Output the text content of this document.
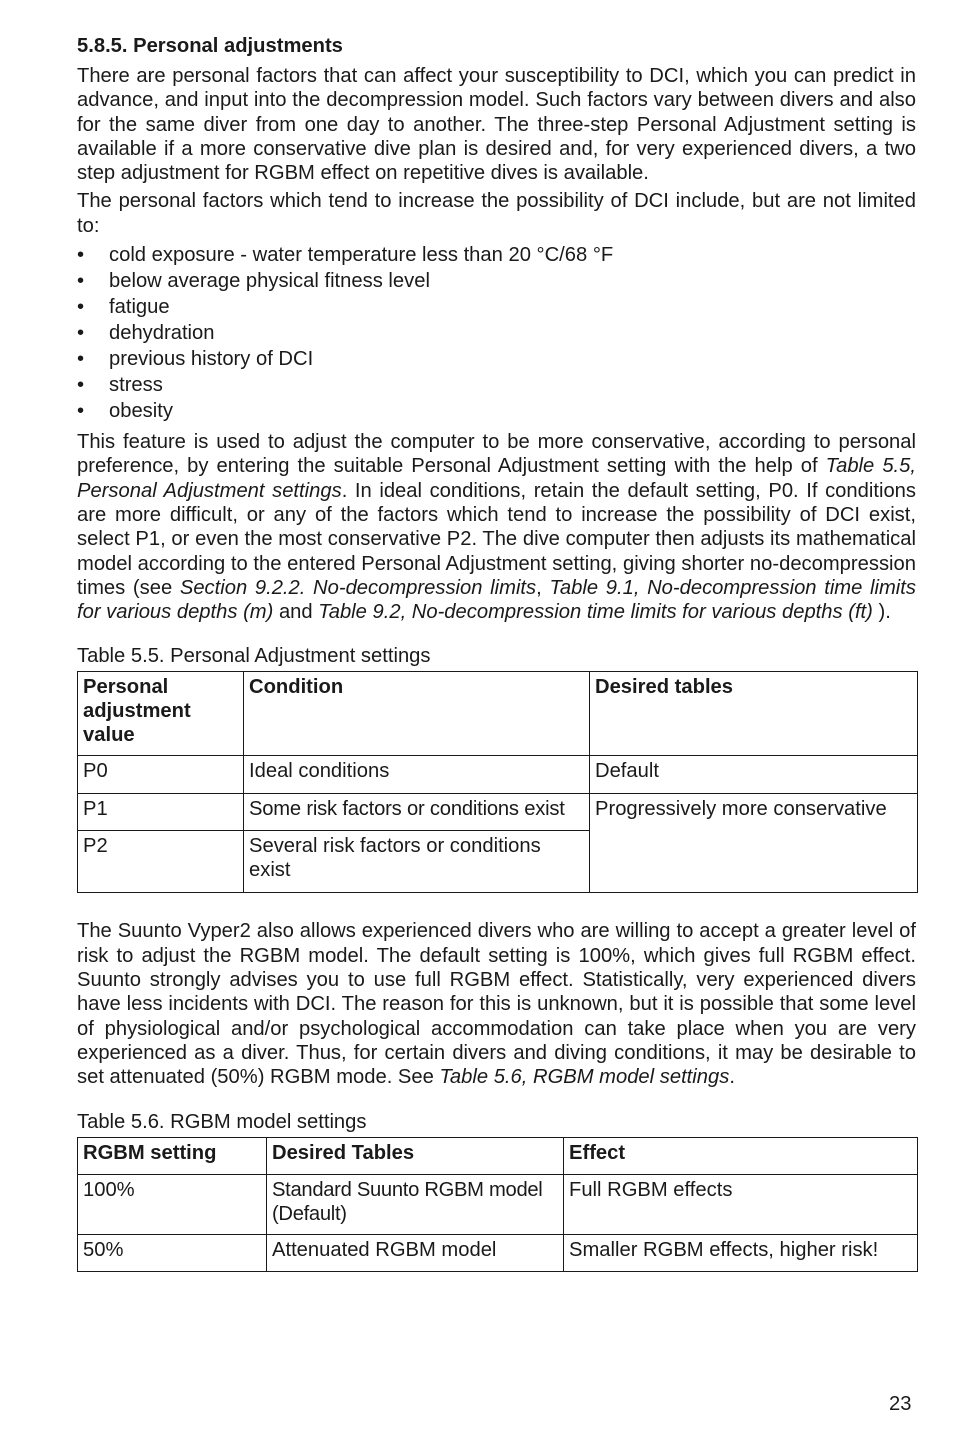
5.8.5. Personal adjustments

There are personal factors that can affect your susceptibility to DCI, which you can predict in advance, and input into the decompression model. Such factors vary between divers and also for the same diver from one day to another. The three-step Personal Adjustment setting is available if a more conservative dive plan is desired and, for very experienced divers, a two step adjustment for RGBM effect on repetitive dives is available.

The personal factors which tend to increase the possibility of DCI include, but are not limited to:

• cold exposure - water temperature less than 20 °C/68 °F
• below average physical fitness level
• fatigue
• dehydration
• previous history of DCI
• stress
• obesity

This feature is used to adjust the computer to be more conservative, according to personal preference, by entering the suitable Personal Adjustment setting with the help of Table 5.5, Personal Adjustment settings. In ideal conditions, retain the default setting, P0. If conditions are more difficult, or any of the factors which tend to increase the possibility of DCI exist, select P1, or even the most conservative P2. The dive computer then adjusts its mathematical model according to the entered Personal Adjustment setting, giving shorter no-decompression times (see Section 9.2.2. No-decompression limits, Table 9.1, No-decompression time limits for various depths (m) and Table 9.2, No-decompression time limits for various depths (ft) ).

Table 5.5. Personal Adjustment settings
Personal adjustment value	Condition	Desired tables
P0	Ideal conditions	Default
P1	Some risk factors or conditions exist	Progressively more conservative
P2	Several risk factors or conditions exist	

The Suunto Vyper2 also allows experienced divers who are willing to accept a greater level of risk to adjust the RGBM model. The default setting is 100%, which gives full RGBM effect. Suunto strongly advises you to use full RGBM effect. Statistically, very experienced divers have less incidents with DCI. The reason for this is unknown, but it is possible that some level of physiological and/or psychological accommodation can take place when you are very experienced as a diver. Thus, for certain divers and diving conditions, it may be desirable to set attenuated (50%) RGBM mode. See Table 5.6, RGBM model settings.

Table 5.6. RGBM model settings
RGBM setting	Desired Tables	Effect
100%	Standard Suunto RGBM model (Default)	Full RGBM effects
50%	Attenuated RGBM model	Smaller RGBM effects, higher risk!
23
